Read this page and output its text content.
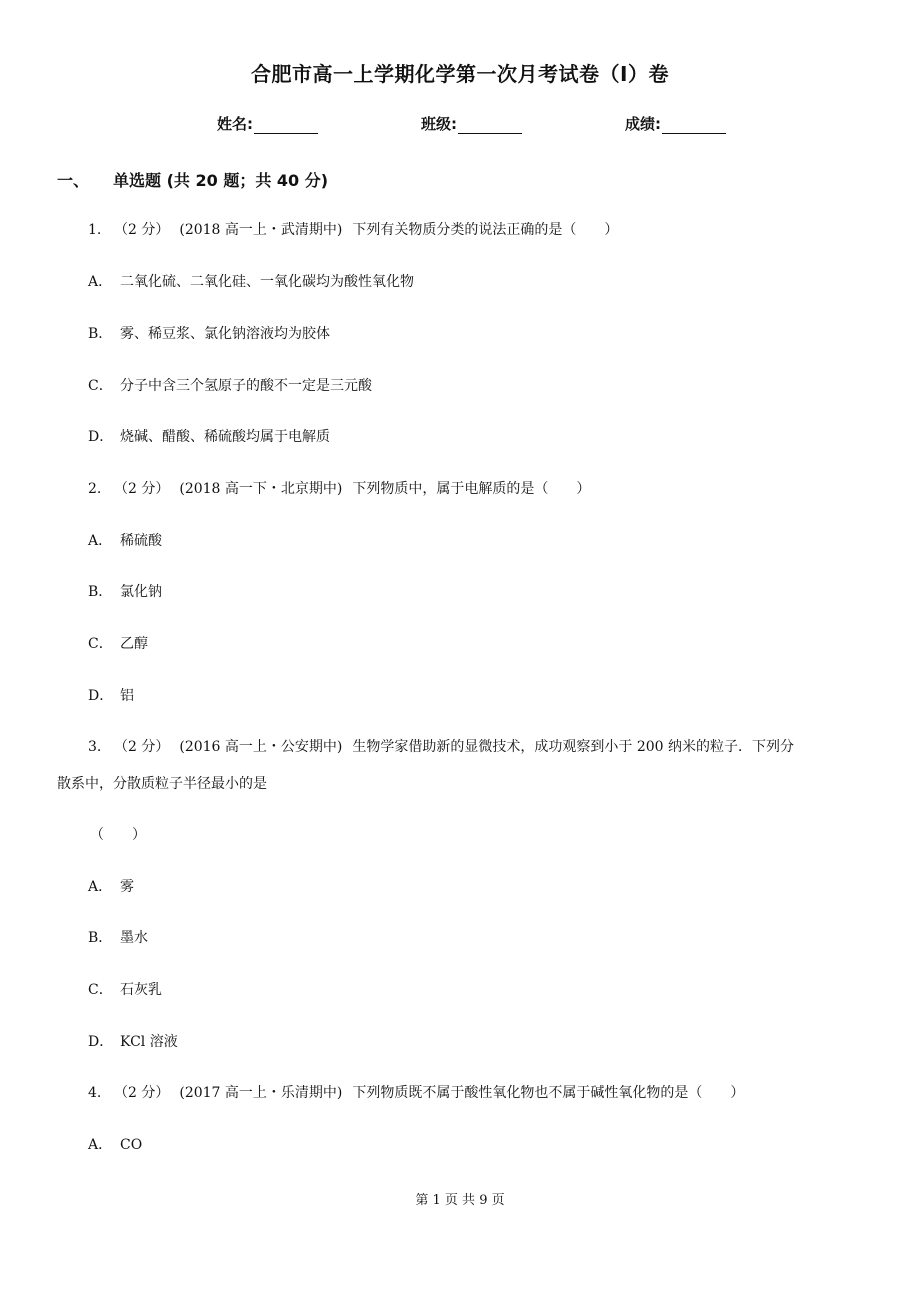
合肥市高一上学期化学第一次月考试卷（I）卷
姓名:	班级:	成绩:
一、 单选题 (共 20 题；共 40 分)
1. （2 分） (2018 高一上・武清期中) 下列有关物质分类的说法正确的是（　　）
A． 二氧化硫、二氧化硅、一氧化碳均为酸性氧化物
B． 雾、稀豆浆、氯化钠溶液均为胶体
C． 分子中含三个氢原子的酸不一定是三元酸
D． 烧碱、醋酸、稀硫酸均属于电解质
2. （2 分） (2018 高一下・北京期中) 下列物质中，属于电解质的是（　　）
A． 稀硫酸
B． 氯化钠
C． 乙醇
D． 铝
3. （2 分） (2016 高一上・公安期中) 生物学家借助新的显微技术，成功观察到小于 200 纳米的粒子．下列分
散系中，分散质粒子半径最小的是
（　　）
A． 雾
B． 墨水
C． 石灰乳
D． KCl 溶液
4. （2 分） (2017 高一上・乐清期中) 下列物质既不属于酸性氧化物也不属于碱性氧化物的是（　　）
A． CO
第 1 页 共 9 页
